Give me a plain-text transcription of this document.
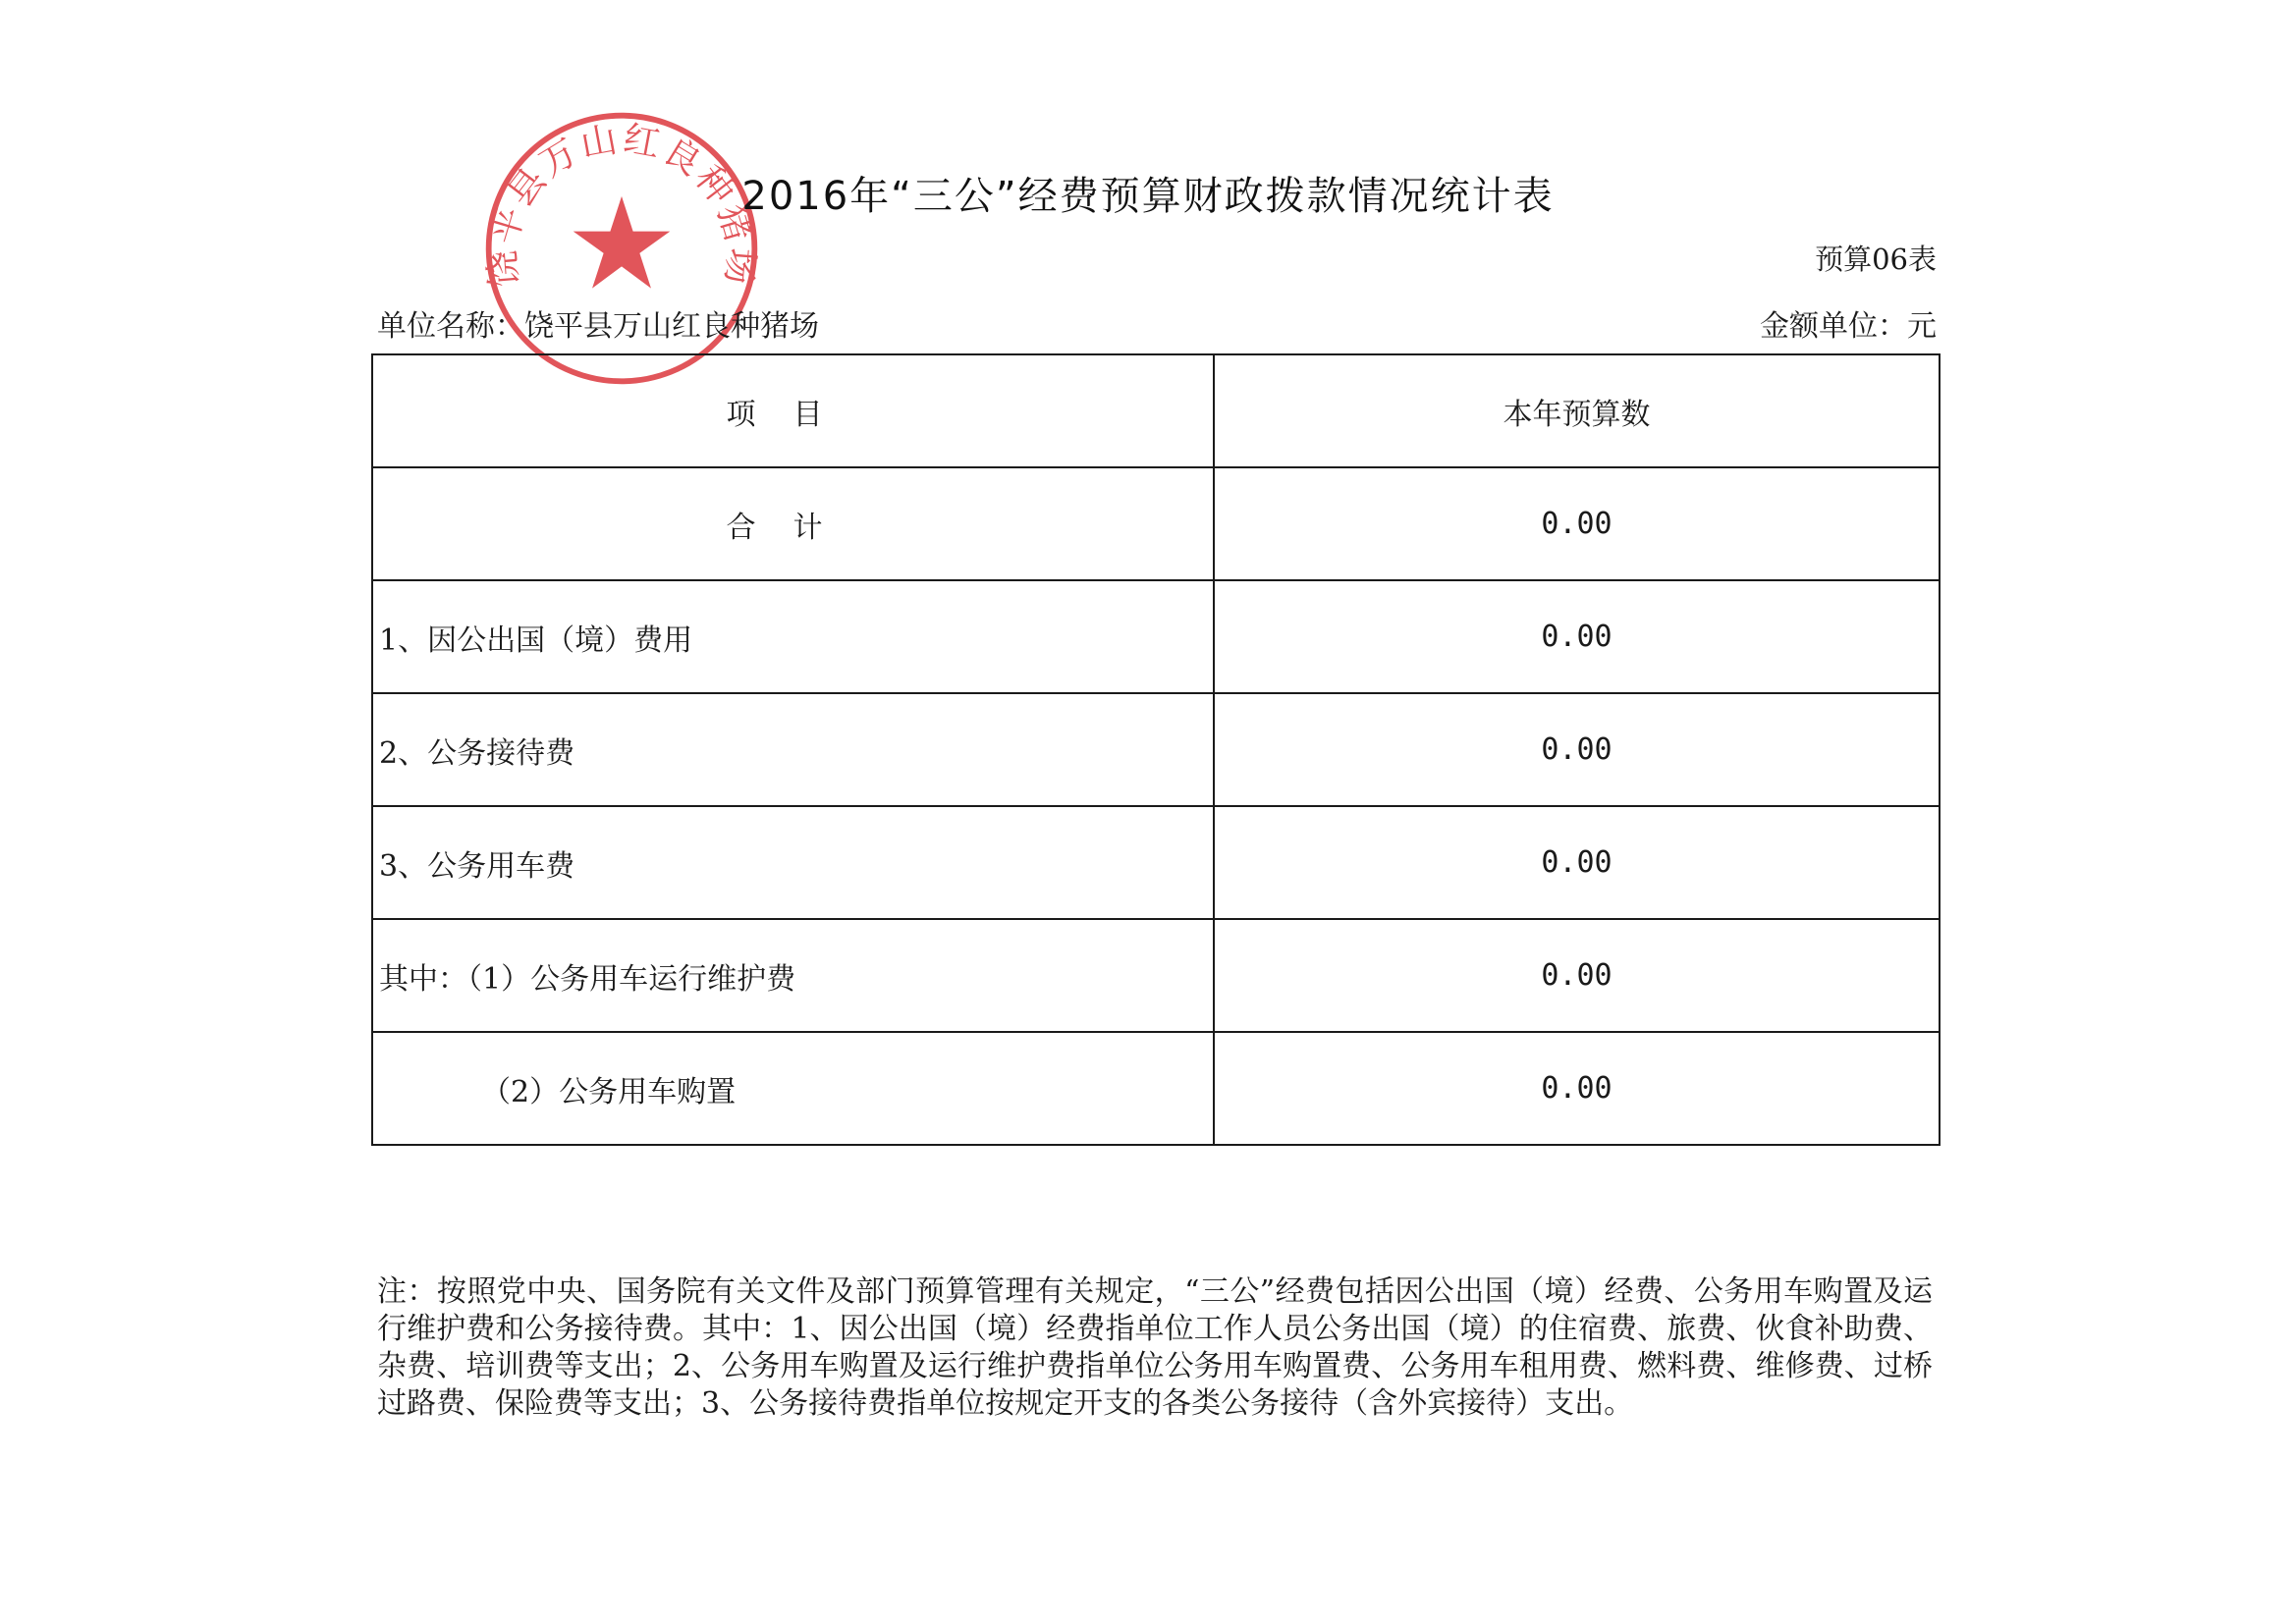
饶平县万山红良种猪场
2016年“三公”经费预算财政拨款情况统计表
预算06表
单位名称：饶平县万山红良种猪场	金额单位：元
项目	本年预算数
合计	0.00
1、因公出国（境）费用	0.00
2、公务接待费	0.00
3、公务用车费	0.00
其中：（1）公务用车运行维护费	0.00
（2）公务用车购置	0.00
注：按照党中央、国务院有关文件及部门预算管理有关规定，“三公”经费包括因公出国（境）经费、公务用车购置及运行维护费和公务接待费。其中：1、因公出国（境）经费指单位工作人员公务出国（境）的住宿费、旅费、伙食补助费、杂费、培训费等支出；2、公务用车购置及运行维护费指单位公务用车购置费、公务用车租用费、燃料费、维修费、过桥过路费、保险费等支出；3、公务接待费指单位按规定开支的各类公务接待（含外宾接待）支出。
